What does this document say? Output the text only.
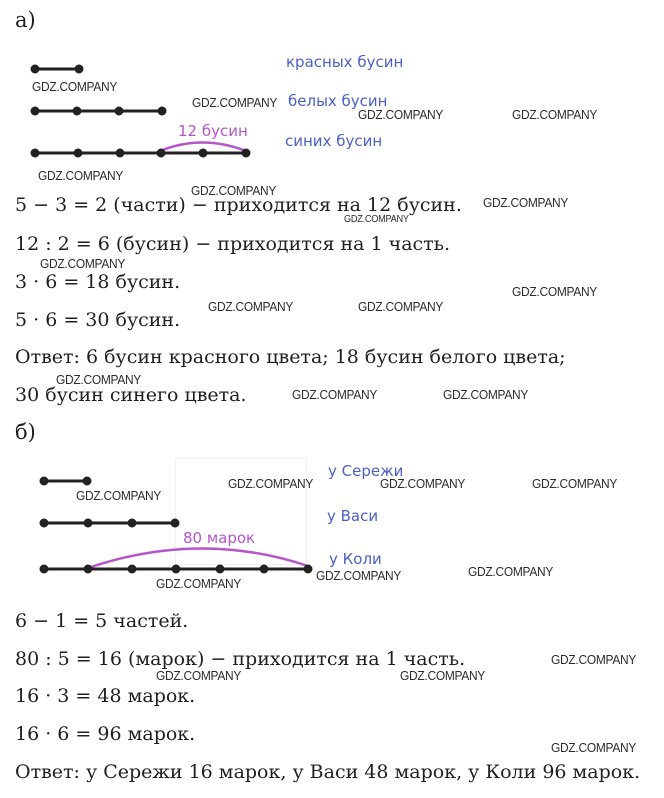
а)
красных бусин
белых бусин
синих бусин
12 бусин
5 − 3 = 2 (части) − приходится на 12 бусин.
12 : 2 = 6 (бусин) − приходится на 1 часть.
3 · 6 = 18 бусин.
5 · 6 = 30 бусин.
Ответ: 6 бусин красного цвета; 18 бусин белого цвета;
30 бусин синего цвета.
б)
у Сережи
у Васи
у Коли
80 марок
6 − 1 = 5 частей.
80 : 5 = 16 (марок) − приходится на 1 часть.
16 · 3 = 48 марок.
16 · 6 = 96 марок.
Ответ: у Сережи 16 марок, у Васи 48 марок, у Коли 96 марок.
GDZ.COMPANY
GDZ.COMPANY
GDZ.COMPANY	GDZ.COMPANY
GDZ.COMPANY
GDZ.COMPANY
GDZ.COMPANY
GDZ.COMPANY
GDZ.COMPANY
GDZ.COMPANY
GDZ.COMPANY	GDZ.COMPANY
GDZ.COMPANY
GDZ.COMPANY	GDZ.COMPANY
GDZ.COMPANY	GDZ.COMPANY	GDZ.COMPANY
GDZ.COMPANY
GDZ.COMPANY	GDZ.COMPANY
GDZ.COMPANY
GDZ.COMPANY
GDZ.COMPANY	GDZ.COMPANY
GDZ.COMPANY
